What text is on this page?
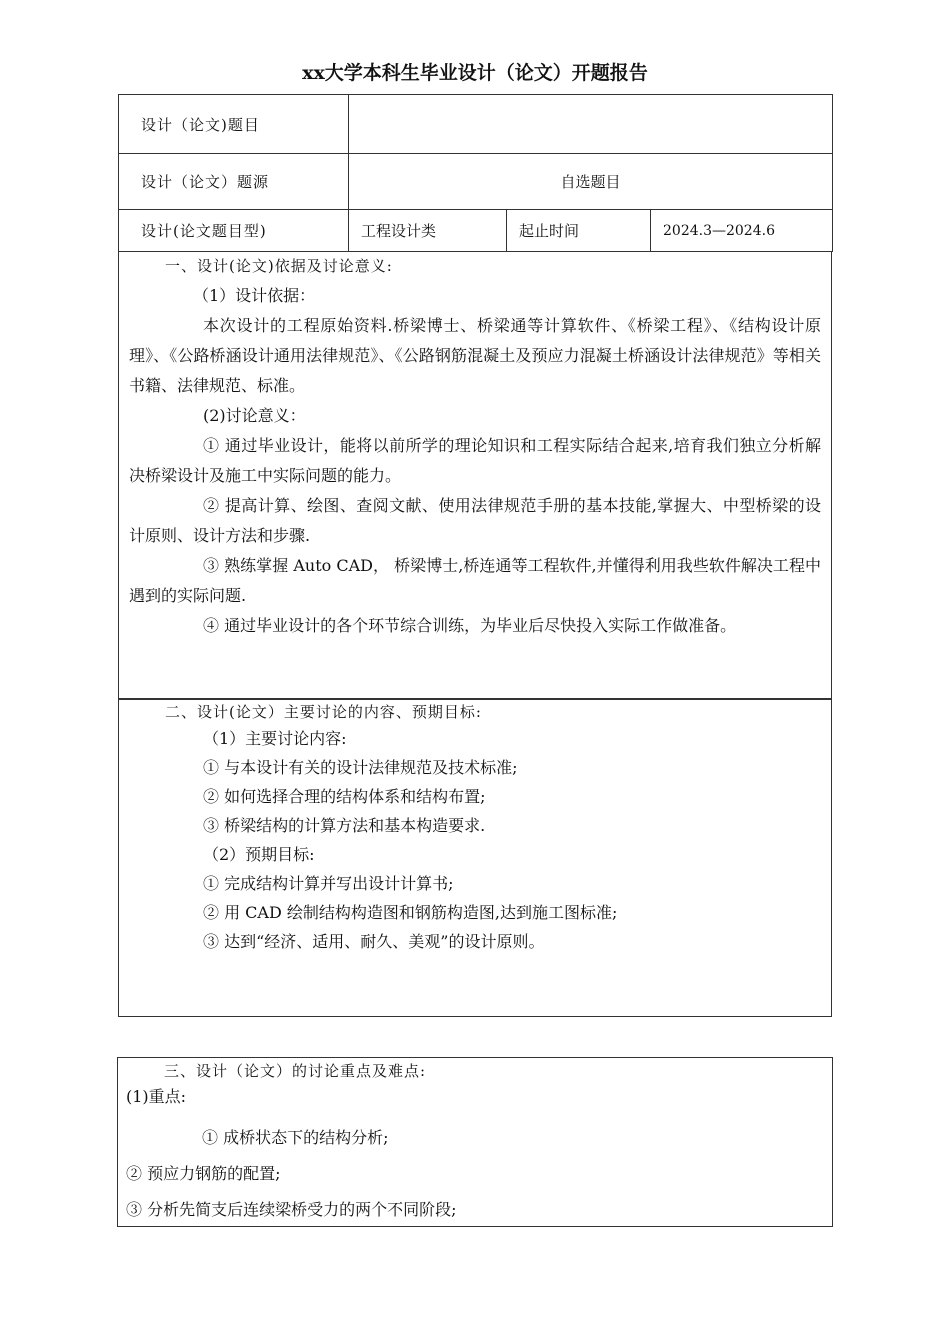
xx大学本科生毕业设计（论文）开题报告
设计（论文)题目			
设计（论文）题源	自选题目		
设计(论文题目型)	工程设计类	起止时间	2024.3—2024.6

一、设计(论文)依据及讨论意义:

（1）设计依据：

本次设计的工程原始资料.桥梁博士、桥梁通等计算软件、《桥梁工程》、《结构设计原理》、《公路桥涵设计通用法律规范》、《公路钢筋混凝土及预应力混凝土桥涵设计法律规范》等相关书籍、法律规范、标准。

(2)讨论意义：

① 通过毕业设计，能将以前所学的理论知识和工程实际结合起来,培育我们独立分析解决桥梁设计及施工中实际问题的能力。

② 提高计算、绘图、查阅文献、使用法律规范手册的基本技能,掌握大、中型桥梁的设计原则、设计方法和步骤.

③ 熟练掌握 Auto CAD， 桥梁博士,桥连通等工程软件,并懂得利用我些软件解决工程中遇到的实际问题.

④ 通过毕业设计的各个环节综合训练，为毕业后尽快投入实际工作做准备。

二、设计(论文）主要讨论的内容、预期目标:

（1）主要讨论内容:

① 与本设计有关的设计法律规范及技术标准;

② 如何选择合理的结构体系和结构布置;

③ 桥梁结构的计算方法和基本构造要求.

（2）预期目标:

① 完成结构计算并写出设计计算书;

② 用 CAD 绘制结构构造图和钢筋构造图,达到施工图标准;

③ 达到“经济、适用、耐久、美观”的设计原则。

三、设计（论文）的讨论重点及难点:

(1)重点:

① 成桥状态下的结构分析;

② 预应力钢筋的配置;

③ 分析先简支后连续梁桥受力的两个不同阶段;
